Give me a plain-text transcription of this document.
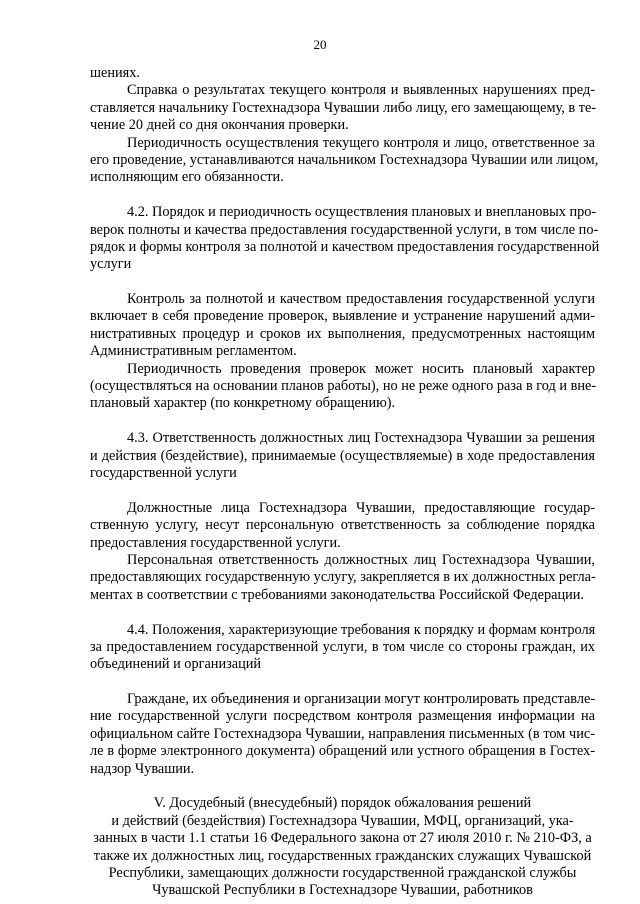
20
шениях.
Справка о результатах текущего контроля и выявленных нарушениях пред-
ставляется начальнику Гостехнадзора Чувашии либо лицу, его замещающему, в те-
чение 20 дней со дня окончания проверки.
Периодичность осуществления текущего контроля и лицо, ответственное за
его проведение, устанавливаются начальником Гостехнадзора Чувашии или лицом,
исполняющим его обязанности.
4.2. Порядок и периодичность осуществления плановых и внеплановых про-
верок полноты и качества предоставления государственной услуги, в том числе по-
рядок и формы контроля за полнотой и качеством предоставления государственной
услуги
Контроль за полнотой и качеством предоставления государственной услуги
включает в себя проведение проверок, выявление и устранение нарушений адми-
нистративных процедур и сроков их выполнения, предусмотренных настоящим
Административным регламентом.
Периодичность проведения проверок может носить плановый характер
(осуществляться на основании планов работы), но не реже одного раза в год и вне-
плановый характер (по конкретному обращению).
4.3. Ответственность должностных лиц Гостехнадзора Чувашии за решения
и действия (бездействие), принимаемые (осуществляемые) в ходе предоставления
государственной услуги
Должностные лица Гостехнадзора Чувашии, предоставляющие государ-
ственную услугу, несут персональную ответственность за соблюдение порядка
предоставления государственной услуги.
Персональная ответственность должностных лиц Гостехнадзора Чувашии,
предоставляющих государственную услугу, закрепляется в их должностных регла-
ментах в соответствии с требованиями законодательства Российской Федерации.
4.4. Положения, характеризующие требования к порядку и формам контроля
за предоставлением государственной услуги, в том числе со стороны граждан, их
объединений и организаций
Граждане, их объединения и организации могут контролировать представле-
ние государственной услуги посредством контроля размещения информации на
официальном сайте Гостехнадзора Чувашии, направления письменных (в том чис-
ле в форме электронного документа) обращений или устного обращения в Гостех-
надзор Чувашии.
V. Досудебный (внесудебный) порядок обжалования решений
и действий (бездействия) Гостехнадзора Чувашии, МФЦ, организаций, ука-
занных в части 1.1 статьи 16 Федерального закона от 27 июля 2010 г. № 210-ФЗ, а
также их должностных лиц, государственных гражданских служащих Чувашской
Республики, замещающих должности государственной гражданской службы
Чувашской Республики в Гостехнадзоре Чувашии, работников
